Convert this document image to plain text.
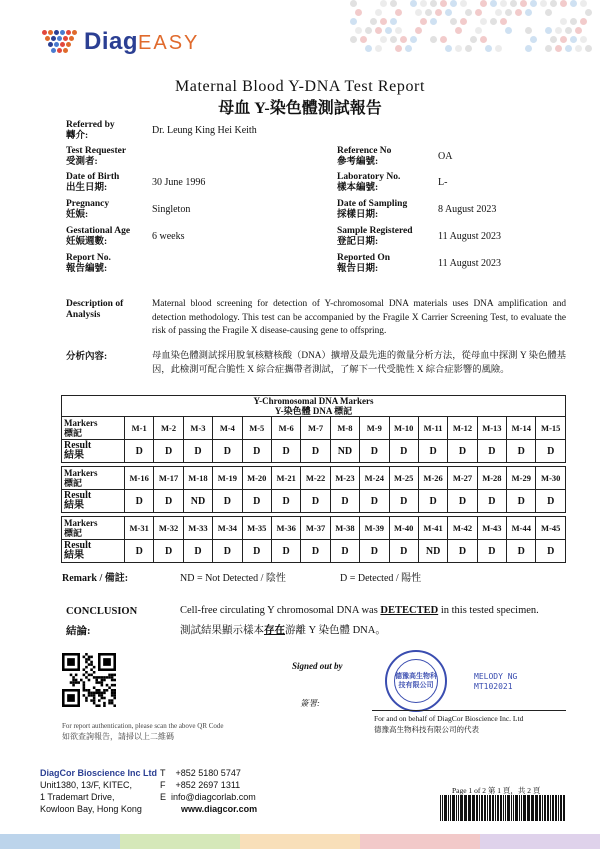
DiagEASY
Maternal Blood Y-DNA Test Report
母血 Y-染色體測試報告
Referred by
轉介:	Dr. Leung King Hei Keith
Test Requester
受測者:
Date of Birth
出生日期:	30 June 1996
Pregnancy
妊娠:	Singleton
Gestational Age
妊娠週數:	6 weeks
Report No.
報告編號:
Reference No
參考編號:	OA
Laboratory No.
樣本編號:	L-
Date of Sampling
採樣日期:	8 August 2023
Sample Registered
登記日期:	11 August 2023
Reported On
報告日期:	11 August 2023
Description of Analysis
Maternal blood screening for detection of Y-chromosomal DNA materials uses DNA amplification and detection methodology. This test can be accompanied by the Fragile X Carrier Screening Test, to evaluate the risk of passing the Fragile X disease-causing gene to offspring.
分析內容:	母血染色體測試採用脫氧核糖核酸（DNA）擴增及最先進的微量分析方法，從母血中探測 Y 染色體基因，此檢測可配合脆性 X 綜合症攜帶者測試，了解下一代受脆性 X 綜合症影響的風險。
Y-Chromosomal DNA Markers
Y-染色體 DNA 標記															

Markers
標記	M-1	M-2	M-3	M-4	M-5	M-6	M-7	M-8	M-9	M-10	M-11	M-12	M-13	M-14	M-15

Result
結果	D	D	D	D	D	D	D	ND	D	D	D	D	D	D	D

Markers
標記	M-16	M-17	M-18	M-19	M-20	M-21	M-22	M-23	M-24	M-25	M-26	M-27	M-28	M-29	M-30

Result
結果	D	D	ND	D	D	D	D	D	D	D	D	D	D	D	D

Markers
標記	M-31	M-32	M-33	M-34	M-35	M-36	M-37	M-38	M-39	M-40	M-41	M-42	M-43	M-44	M-45

Result
結果	D	D	D	D	D	D	D	D	D	D	ND	D	D	D	D
Remark / 備註:	ND = Not Detected / 陰性	D = Detected / 陽性
CONCLUSION
結論:
Cell-free circulating Y chromosomal DNA was DETECTED in this tested specimen.
測試結果顯示樣本存在游離 Y 染色體 DNA。
For report authentication, please scan the above QR Code
如欲查詢報告，請掃以上二維碼
Signed out by
簽署:
德豫高生物科技有限公司
MELODY NG
MT102021
For and on behalf of DiagCor Bioscience Inc. Ltd
德豫高生物科技有限公司的代表
DiagCor Bioscience Inc Ltd
Unit1380, 13/F, KITEC,
1 Trademart Drive,
Kowloon Bay, Hong Kong
T +852 5180 5747
F +852 2697 1311
E info@diagcorlab.com
www.diagcor.com
Page 1 of 2 第 1 頁，共 2 頁
